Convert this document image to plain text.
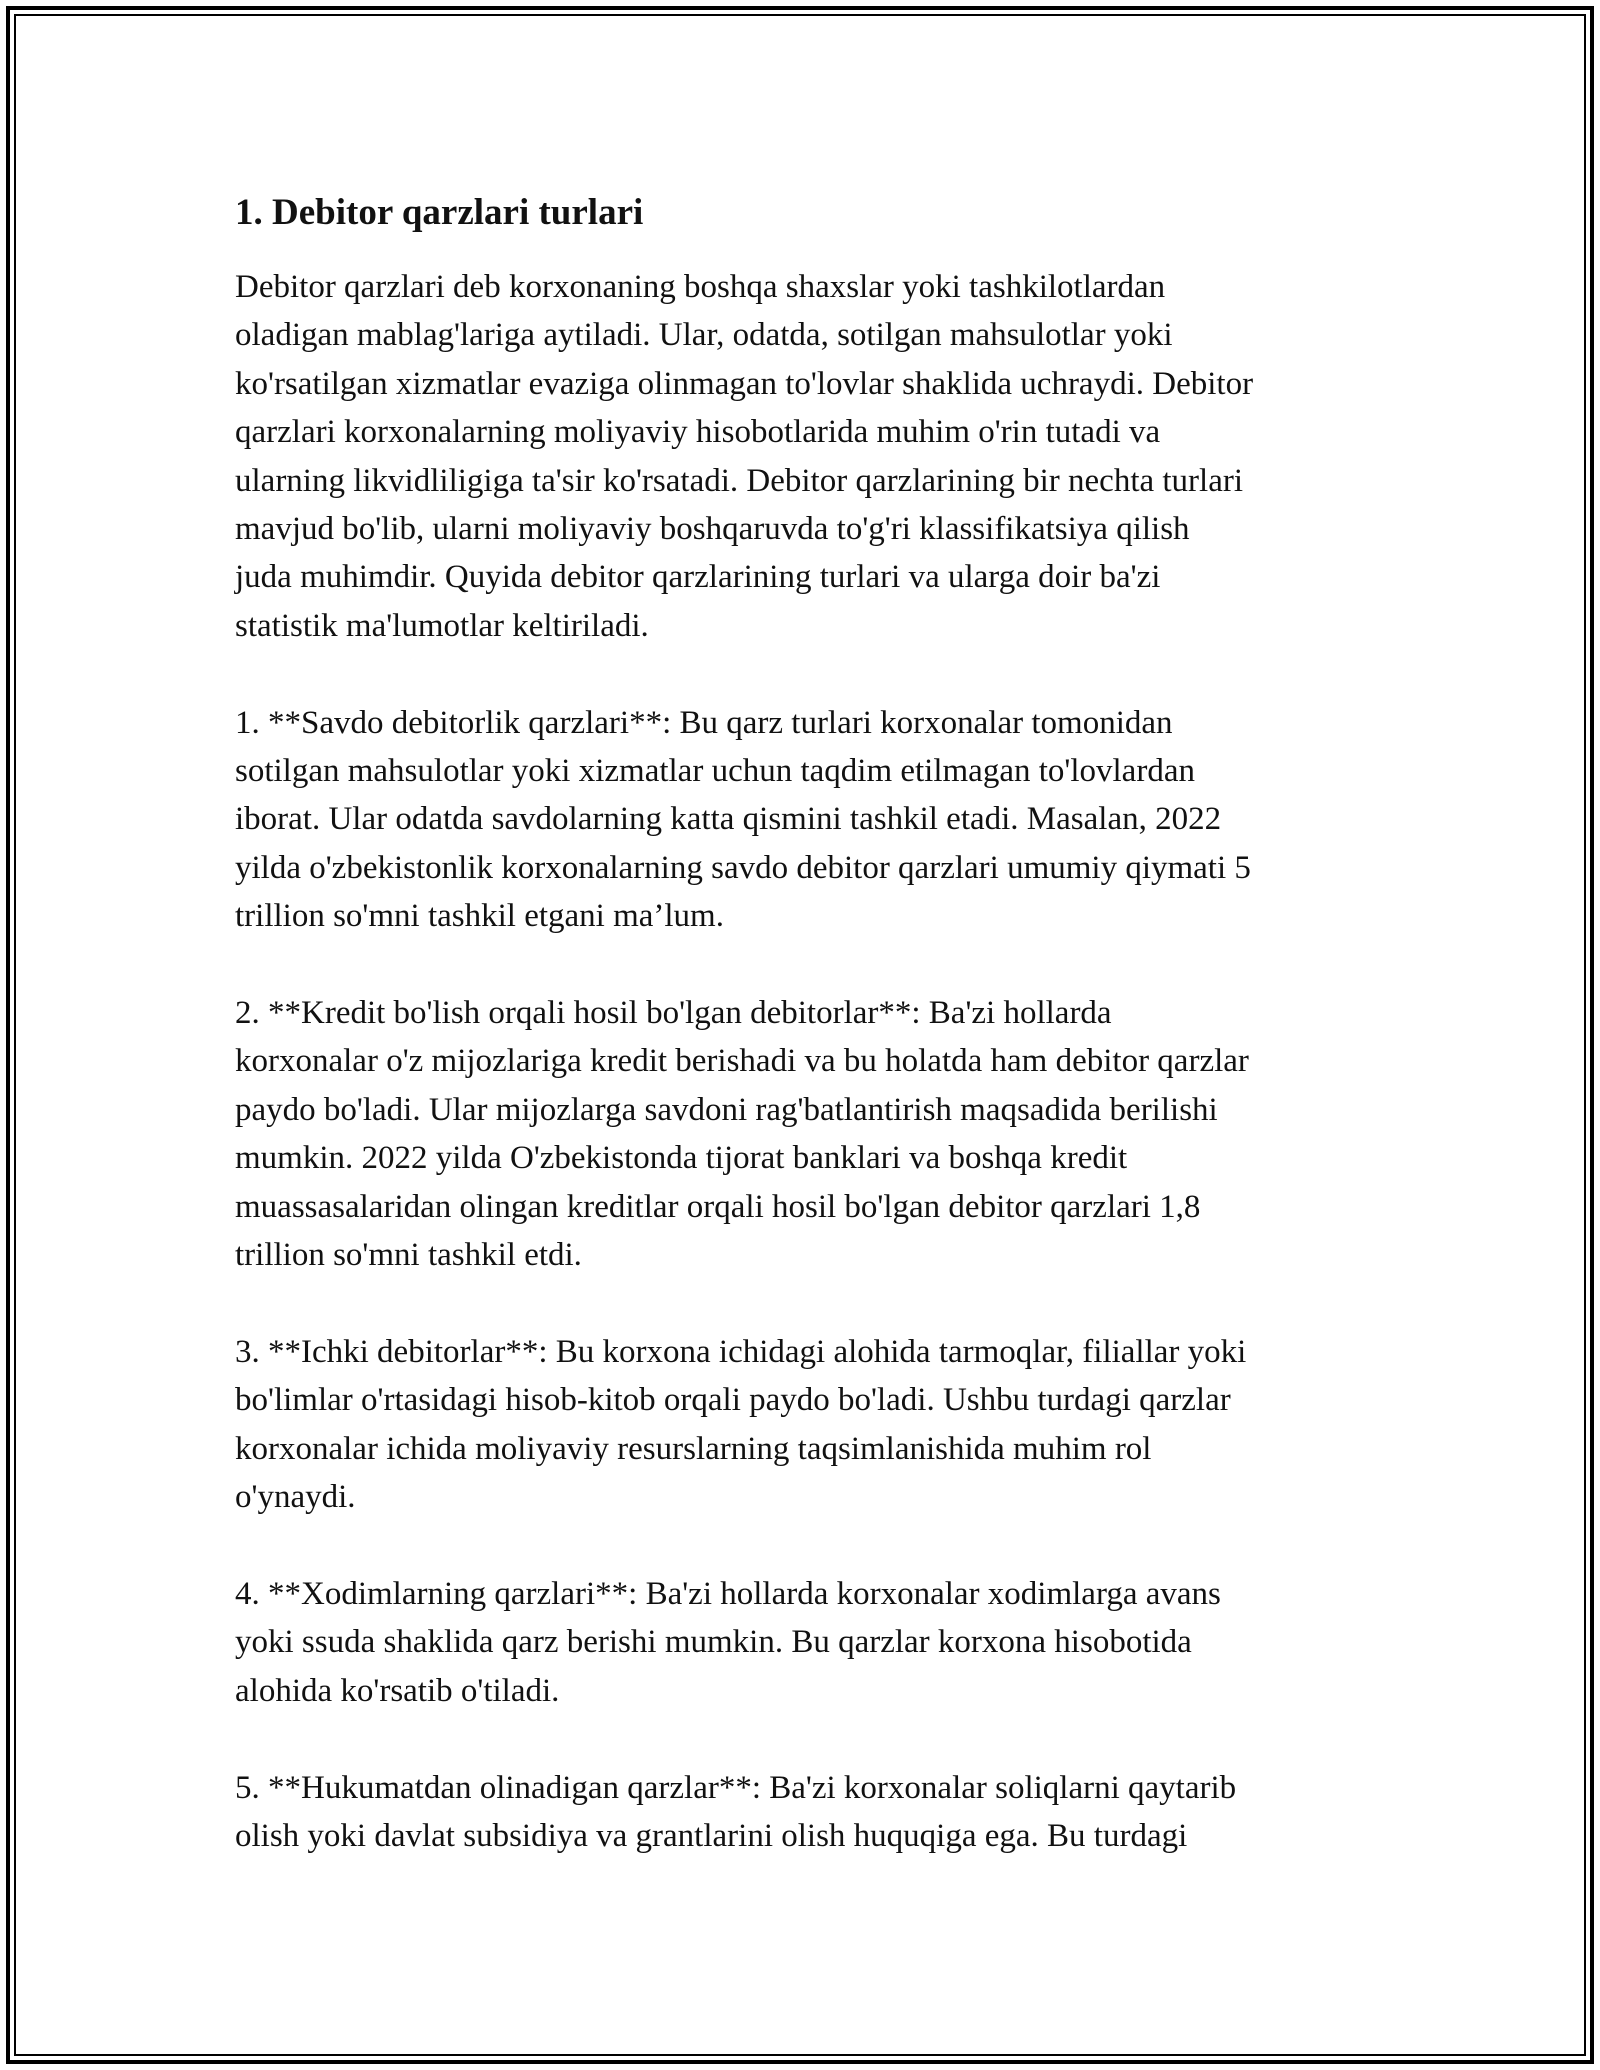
1. Debitor qarzlari turlari
Debitor qarzlari deb korxonaning boshqa shaxslar yoki tashkilotlardan
oladigan mablag'lariga aytiladi. Ular, odatda, sotilgan mahsulotlar yoki
ko'rsatilgan xizmatlar evaziga olinmagan to'lovlar shaklida uchraydi. Debitor
qarzlari korxonalarning moliyaviy hisobotlarida muhim o'rin tutadi va
ularning likvidliligiga ta'sir ko'rsatadi. Debitor qarzlarining bir nechta turlari
mavjud bo'lib, ularni moliyaviy boshqaruvda to'g'ri klassifikatsiya qilish
juda muhimdir. Quyida debitor qarzlarining turlari va ularga doir ba'zi
statistik ma'lumotlar keltiriladi.
1. **Savdo debitorlik qarzlari**: Bu qarz turlari korxonalar tomonidan
sotilgan mahsulotlar yoki xizmatlar uchun taqdim etilmagan to'lovlardan
iborat. Ular odatda savdolarning katta qismini tashkil etadi. Masalan, 2022
yilda o'zbekistonlik korxonalarning savdo debitor qarzlari umumiy qiymati 5
trillion so'mni tashkil etgani ma’lum.
2. **Kredit bo'lish orqali hosil bo'lgan debitorlar**: Ba'zi hollarda
korxonalar o'z mijozlariga kredit berishadi va bu holatda ham debitor qarzlar
paydo bo'ladi. Ular mijozlarga savdoni rag'batlantirish maqsadida berilishi
mumkin. 2022 yilda O'zbekistonda tijorat banklari va boshqa kredit
muassasalaridan olingan kreditlar orqali hosil bo'lgan debitor qarzlari 1,8
trillion so'mni tashkil etdi.
3. **Ichki debitorlar**: Bu korxona ichidagi alohida tarmoqlar, filiallar yoki
bo'limlar o'rtasidagi hisob-kitob orqali paydo bo'ladi. Ushbu turdagi qarzlar
korxonalar ichida moliyaviy resurslarning taqsimlanishida muhim rol
o'ynaydi.
4. **Xodimlarning qarzlari**: Ba'zi hollarda korxonalar xodimlarga avans
yoki ssuda shaklida qarz berishi mumkin. Bu qarzlar korxona hisobotida
alohida ko'rsatib o'tiladi.
5. **Hukumatdan olinadigan qarzlar**: Ba'zi korxonalar soliqlarni qaytarib
olish yoki davlat subsidiya va grantlarini olish huquqiga ega. Bu turdagi
